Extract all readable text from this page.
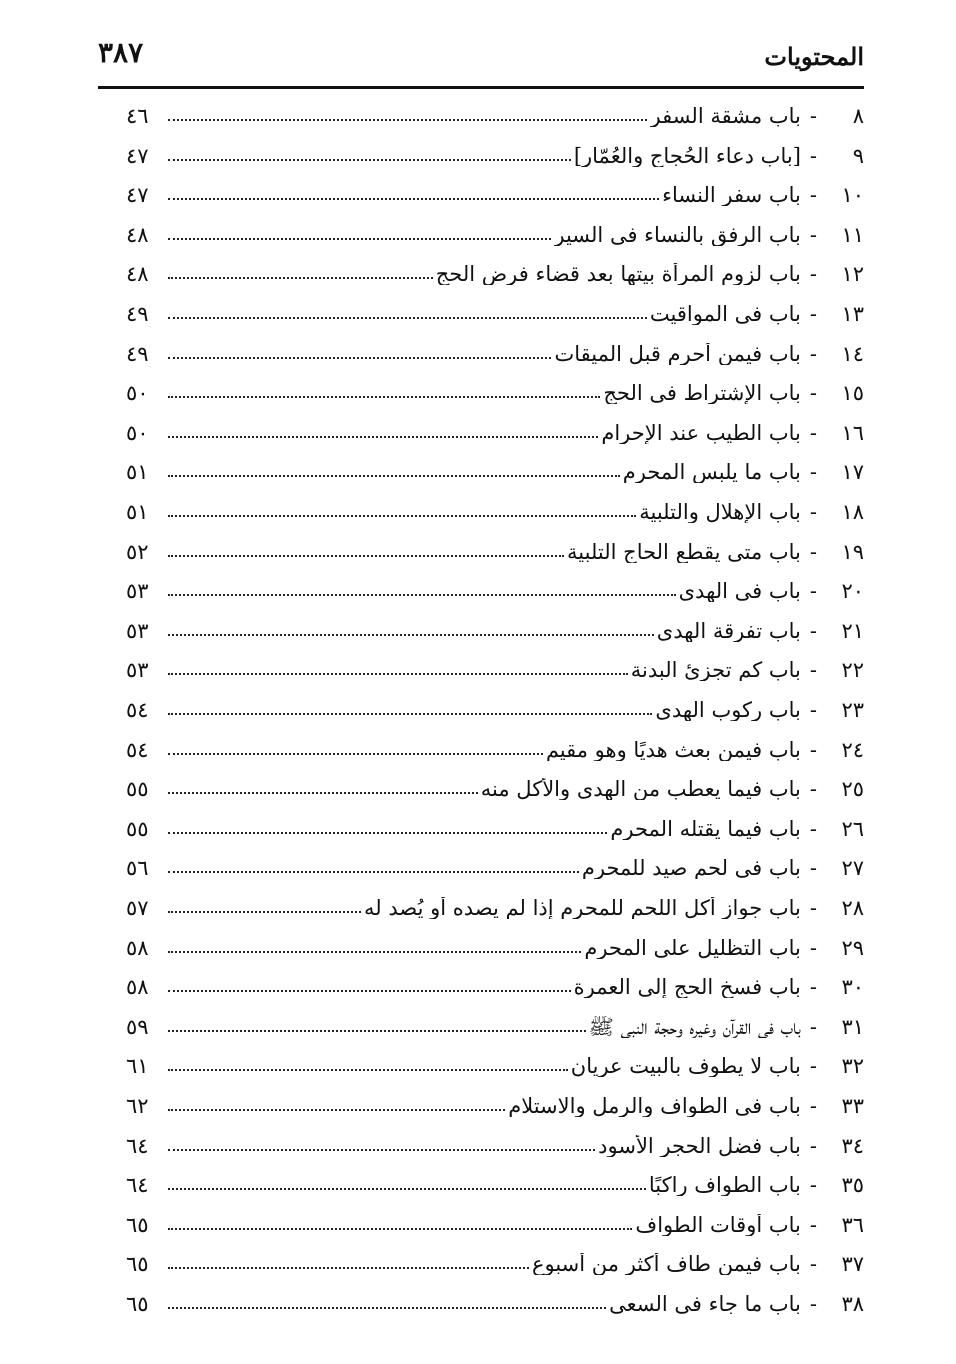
المحتويات
٣٨٧
٨
-
باب مشقة السفر
٤٦
٩
-
[باب دعاء الحُجاج والعُمّار]
٤٧
١٠
-
باب سفر النساء
٤٧
١١
-
باب الرفق بالنساء فى السير
٤٨
١٢
-
باب لزوم المرأة بيتها بعد قضاء فرض الحج
٤٨
١٣
-
باب فى المواقيت
٤٩
١٤
-
باب فيمن أحرم قبل الميقات
٤٩
١٥
-
باب الإشتراط فى الحج
٥٠
١٦
-
باب الطيب عند الإحرام
٥٠
١٧
-
باب ما يلبس المحرم
٥١
١٨
-
باب الإهلال والتلبية
٥١
١٩
-
باب متى يقطع الحاج التلبية
٥٢
٢٠
-
باب فى الهدى
٥٣
٢١
-
باب تفرقة الهدى
٥٣
٢٢
-
باب كم تجزئ البدنة
٥٣
٢٣
-
باب ركوب الهدى
٥٤
٢٤
-
باب فيمن بعث هديًا وهو مقيم
٥٤
٢٥
-
باب فيما يعطب من الهدى والأكل منه
٥٥
٢٦
-
باب فيما يقتله المحرم
٥٥
٢٧
-
باب فى لحم صيد للمحرم
٥٦
٢٨
-
باب جواز أكل اللحم للمحرم إذا لم يصده أو يُصد له
٥٧
٢٩
-
باب التظليل على المحرم
٥٨
٣٠
-
باب فسخ الحج إلى العمرة
٥٨
٣١
-
باب فى القرآن وغيره وحجة النبى ﷺ
٥٩
٣٢
-
باب لا يطوف بالبيت عريان
٦١
٣٣
-
باب فى الطواف والرمل والاستلام
٦٢
٣٤
-
باب فضل الحجر الأسود
٦٤
٣٥
-
باب الطواف راكبًا
٦٤
٣٦
-
باب أوقات الطواف
٦٥
٣٧
-
باب فيمن طاف أكثر من أسبوع
٦٥
٣٨
-
باب ما جاء فى السعى
٦٥
